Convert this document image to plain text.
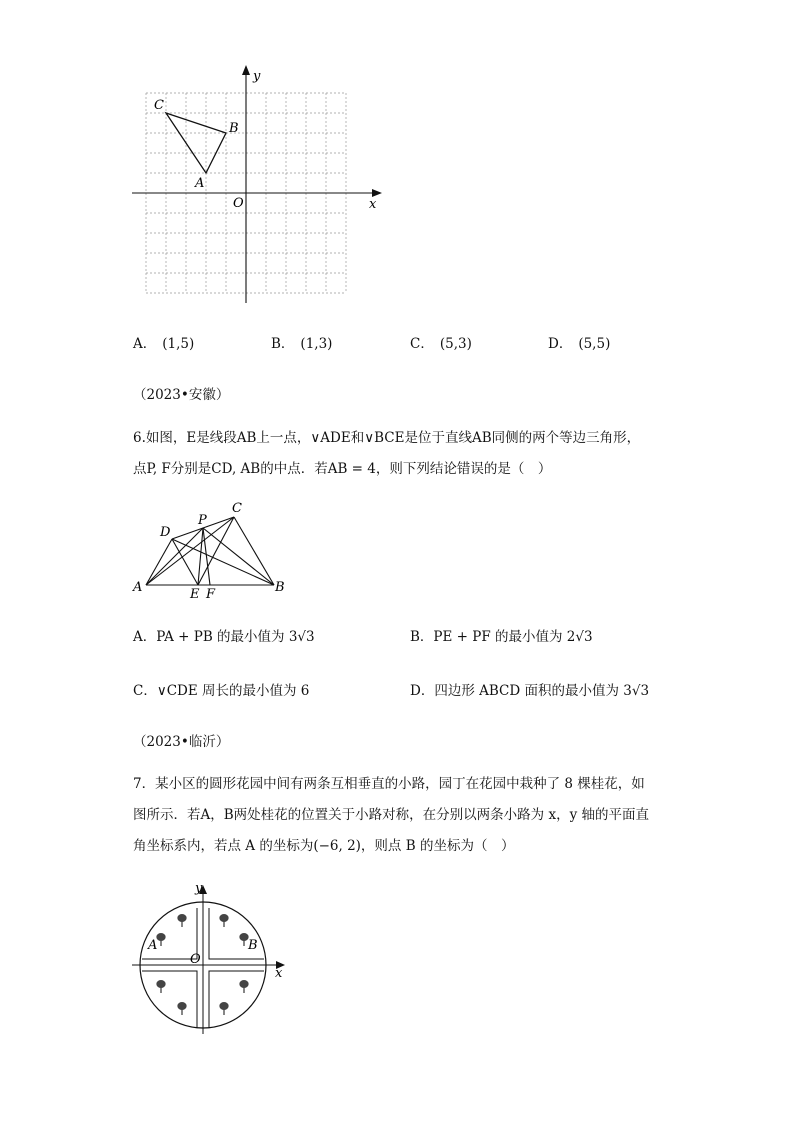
C
B
A
O	x
y
A． (1,5)	B． (1,3)	C． (5,3)	D． (5,5)
（2023•安徽）
6.如图，E是线段AB上一点，∨ADE和∨BCE是位于直线AB同侧的两个等边三角形，
点P, F分别是CD, AB的中点．若AB = 4，则下列结论错误的是（　）
D
P
C
A	E F	B
A．PA + PB 的最小值为 3√3	B．PE + PF 的最小值为 2√3
C．∨CDE 周长的最小值为 6	D．四边形 ABCD 面积的最小值为 3√3
（2023•临沂）
7．某小区的圆形花园中间有两条互相垂直的小路，园丁在花园中栽种了 8 棵桂花，如
图所示．若A，B两处桂花的位置关于小路对称，在分别以两条小路为 x，y 轴的平面直
角坐标系内，若点 A 的坐标为(−6, 2)，则点 B 的坐标为（　）
y
A	B
O
x
